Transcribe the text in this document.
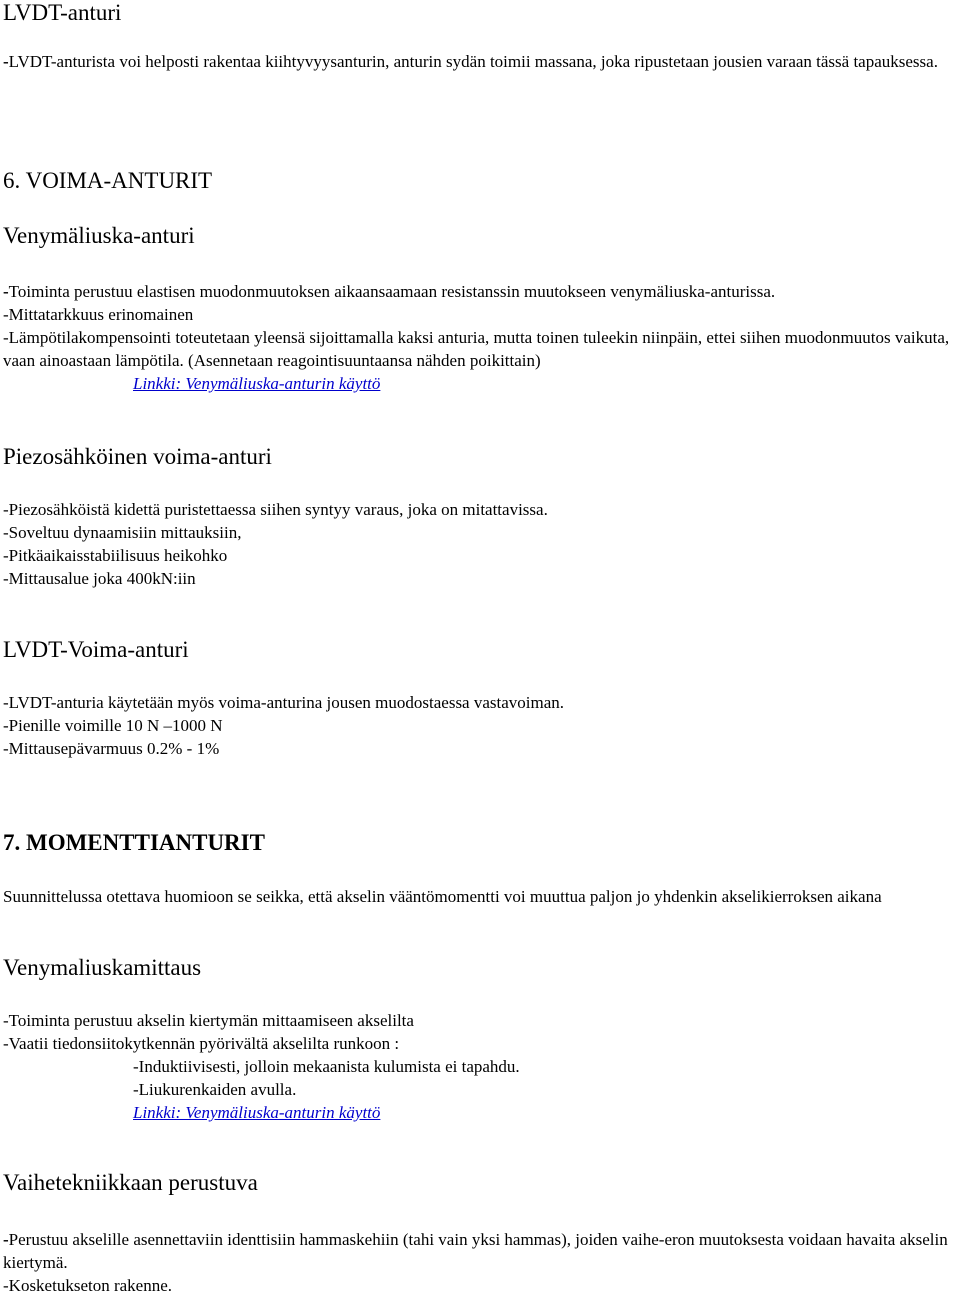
LVDT-anturi

-LVDT-anturista voi helposti rakentaa kiihtyvyysanturin, anturin sydän toimii massana, joka ripustetaan jousien varaan tässä tapauksessa.

6. VOIMA-ANTURIT
Venymäliuska-anturi
-Toiminta perustuu elastisen muodonmuutoksen aikaansaamaan resistanssin muutokseen venymäliuska-anturissa.
-Mittatarkkuus erinomainen
-Lämpötilakompensointi toteutetaan yleensä sijoittamalla kaksi anturia, mutta toinen tuleekin niinpäin, ettei siihen muodonmuutos vaikuta, vaan ainoastaan lämpötila. (Asennetaan reagointisuuntaansa nähden poikittain)
Linkki: Venymäliuska-anturin käyttö
Piezosähköinen voima-anturi
-Piezosähköistä kidettä puristettaessa siihen syntyy varaus, joka on mitattavissa.
-Soveltuu dynaamisiin mittauksiin,
-Pitkäaikaisstabiilisuus heikohko
-Mittausalue joka 400kN:iin
LVDT-Voima-anturi
-LVDT-anturia käytetään myös voima-anturina jousen muodostaessa vastavoiman.
-Pienille voimille 10 N –1000 N
-Mittausepävarmuus 0.2% - 1%
7. MOMENTTIANTURIT

Suunnittelussa otettava huomioon se seikka, että akselin vääntömomentti voi muuttua paljon jo yhdenkin akselikierroksen aikana

Venymaliuskamittaus
-Toiminta perustuu akselin kiertymän mittaamiseen akselilta
-Vaatii tiedonsiitokytkennän pyörivältä akselilta runkoon :
-Induktiivisesti, jolloin mekaanista kulumista ei tapahdu.
-Liukurenkaiden avulla.
Linkki: Venymäliuska-anturin käyttö
Vaihetekniikkaan perustuva
-Perustuu akselille asennettaviin identtisiin hammaskehiin (tahi vain yksi hammas), joiden vaihe-eron muutoksesta voidaan havaita akselin kiertymä.
-Kosketukseton rakenne.
